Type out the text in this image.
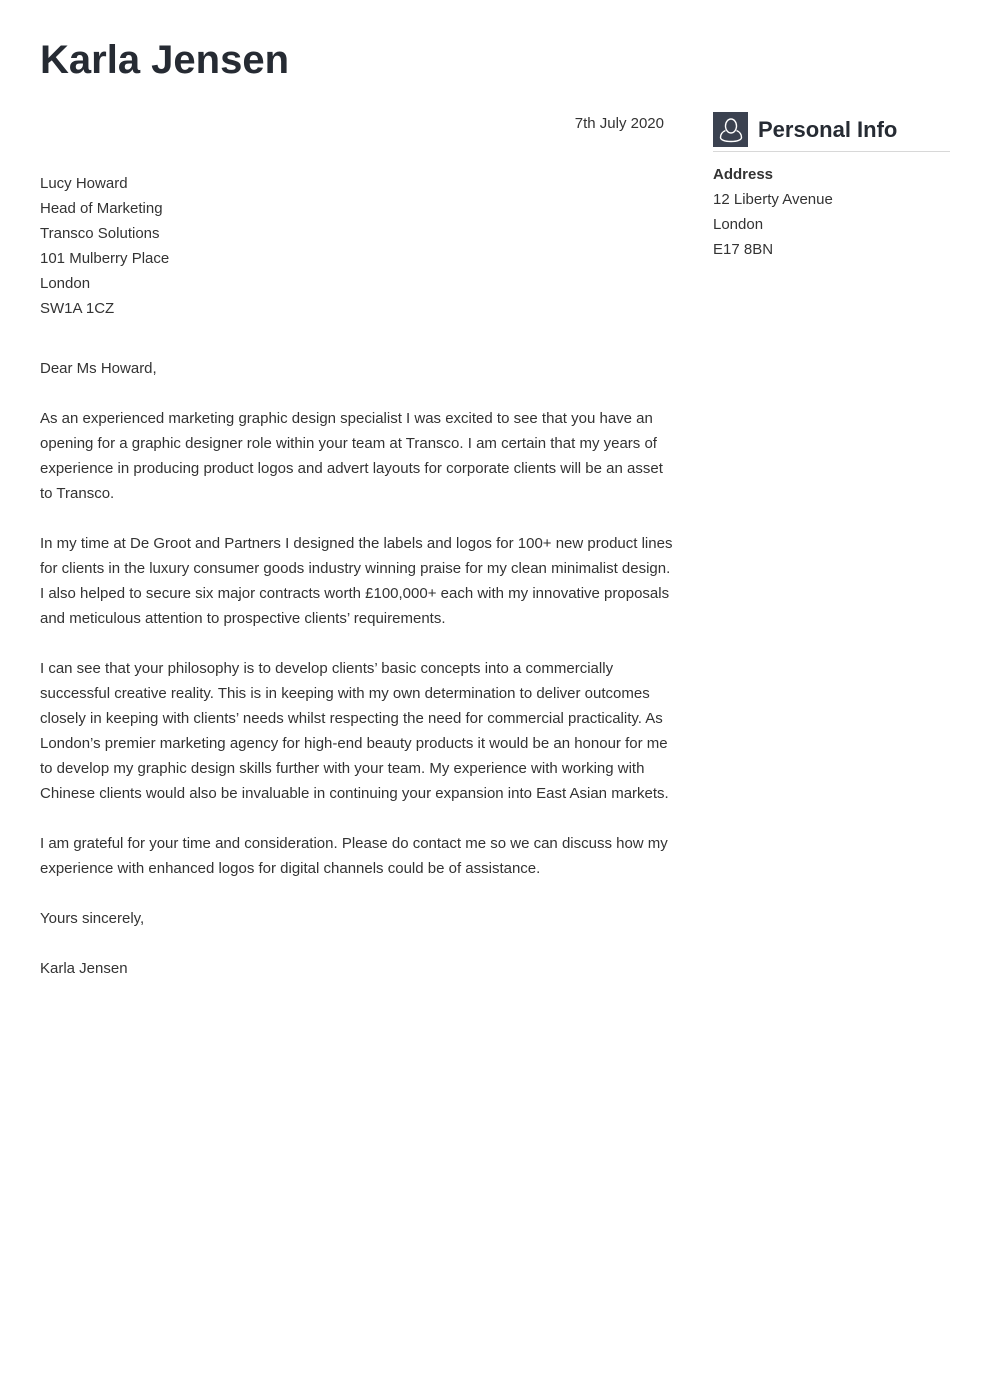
Karla Jensen

7th July 2020

Lucy Howard

Head of Marketing

Transco Solutions

101 Mulberry Place

London

SW1A 1CZ

Dear Ms Howard,

As an experienced marketing graphic design specialist I was excited to see that you have an opening for a graphic designer role within your team at Transco. I am certain that my years of experience in producing product logos and advert layouts for corporate clients will be an asset to Transco.

In my time at De Groot and Partners I designed the labels and logos for 100+ new product lines for clients in the luxury consumer goods industry winning praise for my clean minimalist design. I also helped to secure six major contracts worth £100,000+ each with my innovative proposals and meticulous attention to prospective clients’ requirements.

I can see that your philosophy is to develop clients’ basic concepts into a commercially successful creative reality. This is in keeping with my own determination to deliver outcomes closely in keeping with clients’ needs whilst respecting the need for commercial practicality. As London’s premier marketing agency for high-end beauty products it would be an honour for me to develop my graphic design skills further with your team. My experience with working with Chinese clients would also be invaluable in continuing your expansion into East Asian markets.

I am grateful for your time and consideration. Please do contact me so we can discuss how my experience with enhanced logos for digital channels could be of assistance.

Yours sincerely,

Karla Jensen

Personal Info

Address

12 Liberty Avenue

London

E17 8BN
